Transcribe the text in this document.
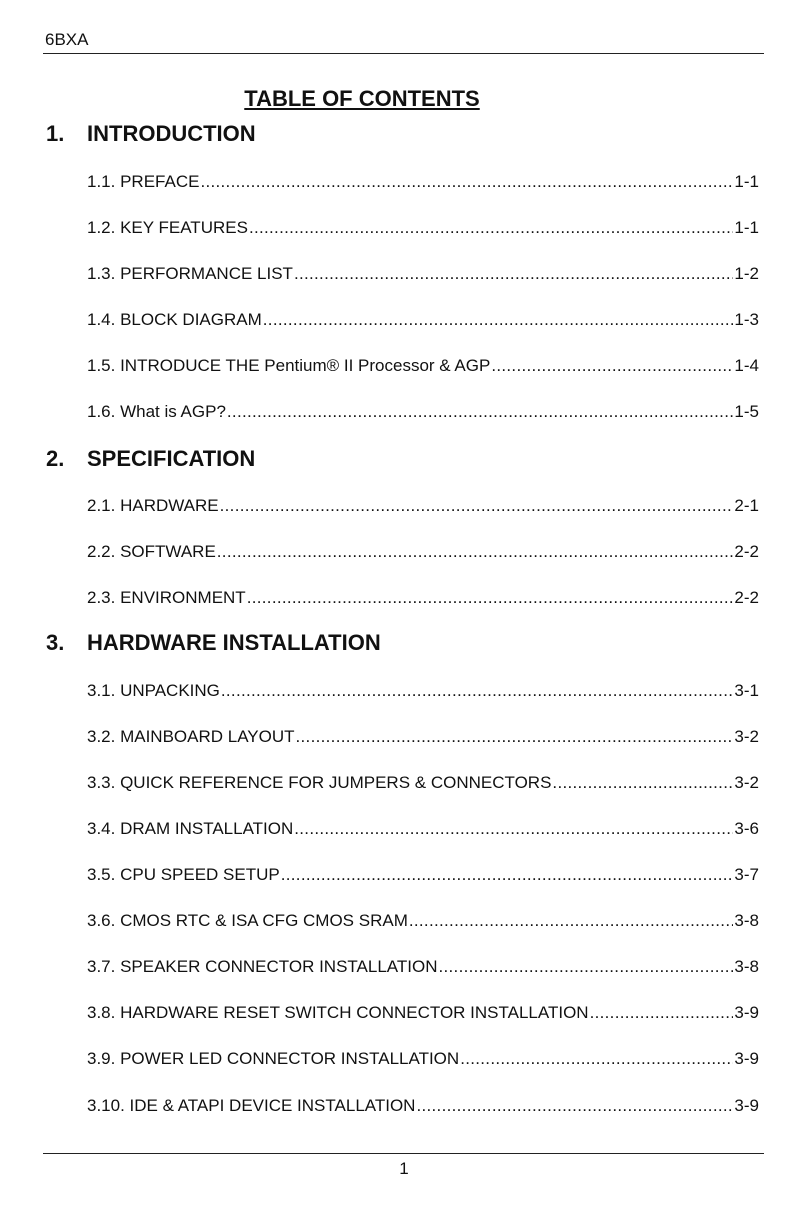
6BXA
TABLE OF CONTENTS
1.	INTRODUCTION
1.1. PREFACE .....	1-1
1.2. KEY FEATURES .....	1-1
1.3. PERFORMANCE LIST .....	1-2
1.4. BLOCK DIAGRAM .....	1-3
1.5. INTRODUCE THE Pentium® II Processor & AGP .....	1-4
1.6. What is AGP? .....	1-5
2.	SPECIFICATION
2.1. HARDWARE .....	2-1
2.2. SOFTWARE .....	2-2
2.3. ENVIRONMENT .....	2-2
3.	HARDWARE INSTALLATION
3.1. UNPACKING .....	3-1
3.2. MAINBOARD LAYOUT .....	3-2
3.3. QUICK REFERENCE FOR JUMPERS & CONNECTORS .....	3-2
3.4. DRAM INSTALLATION .....	3-6
3.5. CPU SPEED SETUP .....	3-7
3.6. CMOS RTC & ISA CFG CMOS SRAM .....	3-8
3.7. SPEAKER CONNECTOR INSTALLATION .....	3-8
3.8. HARDWARE RESET SWITCH CONNECTOR INSTALLATION .....	3-9
3.9. POWER LED CONNECTOR INSTALLATION .....	3-9
3.10. IDE & ATAPI DEVICE INSTALLATION .....	3-9
1
